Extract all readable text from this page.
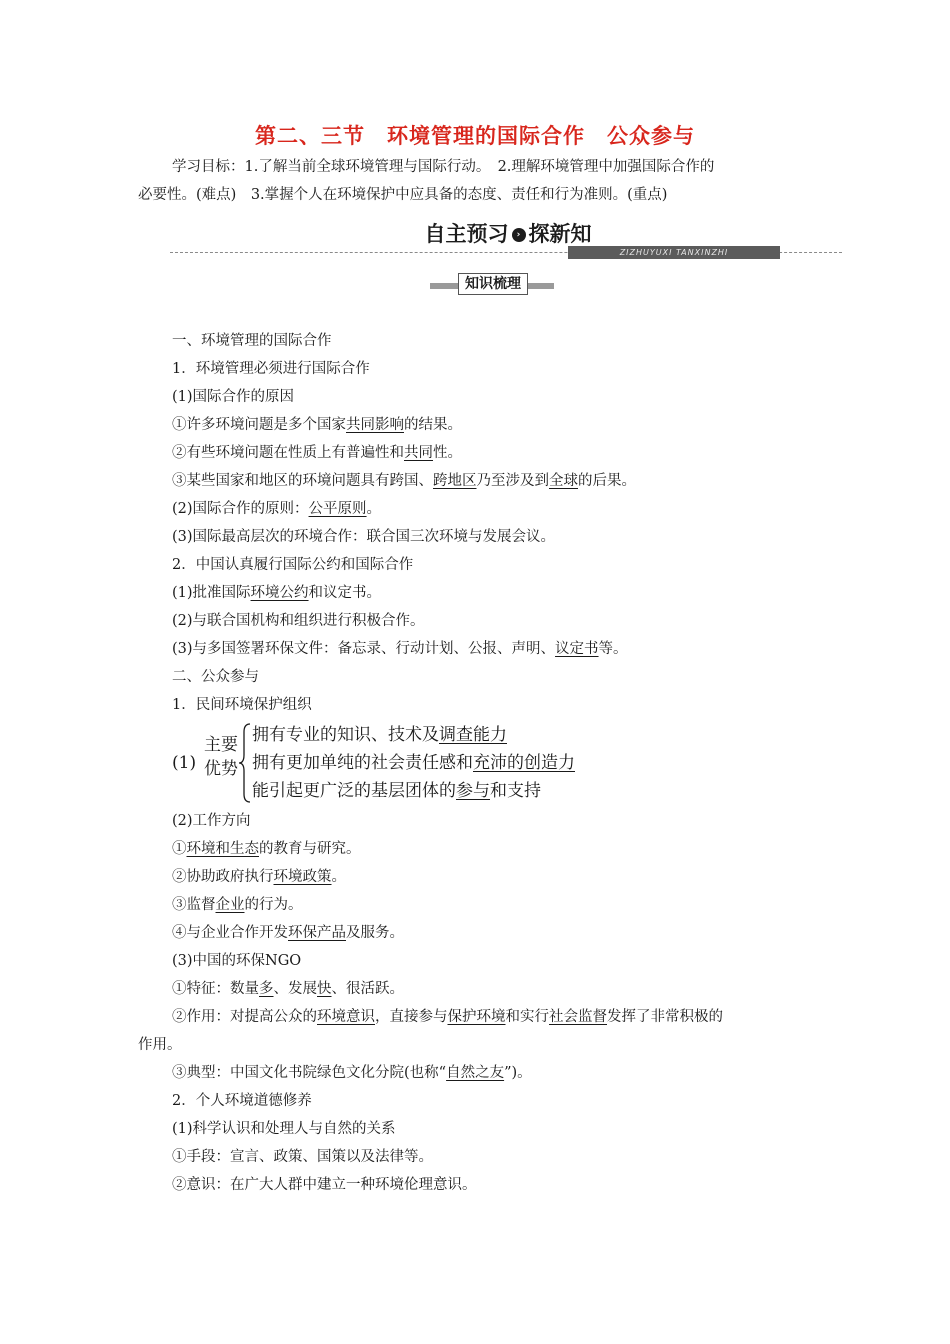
第二、三节　环境管理的国际合作　公众参与
学习目标：1.了解当前全球环境管理与国际行动。　2.理解环境管理中加强国际合作的
必要性。(难点)　3.掌握个人在环境保护中应具备的态度、责任和行为准则。(重点)
自主预习 › 探新知
ZIZHUYUXI TANXINZHI
知识梳理
一、环境管理的国际合作
1．环境管理必须进行国际合作
(1)国际合作的原因
①许多环境问题是多个国家共同影响的结果。
②有些环境问题在性质上有普遍性和共同性。
③某些国家和地区的环境问题具有跨国、跨地区乃至涉及到全球的后果。
(2)国际合作的原则：公平原则。
(3)国际最高层次的环境合作：联合国三次环境与发展会议。
2．中国认真履行国际公约和国际合作
(1)批准国际环境公约和议定书。
(2)与联合国机构和组织进行积极合作。
(3)与多国签署环保文件：备忘录、行动计划、公报、声明、议定书等。
二、公众参与
1．民间环境保护组织
(1)
主要
优势
拥有专业的知识、技术及调查能力
拥有更加单纯的社会责任感和充沛的创造力
能引起更广泛的基层团体的参与和支持
(2)工作方向
①环境和生态的教育与研究。
②协助政府执行环境政策。
③监督企业的行为。
④与企业合作开发环保产品及服务。
(3)中国的环保NGO
①特征：数量多、发展快、很活跃。
②作用：对提高公众的环境意识，直接参与保护环境和实行社会监督发挥了非常积极的
作用。
③典型：中国文化书院绿色文化分院(也称“自然之友”)。
2．个人环境道德修养
(1)科学认识和处理人与自然的关系
①手段：宣言、政策、国策以及法律等。
②意识：在广大人群中建立一种环境伦理意识。
